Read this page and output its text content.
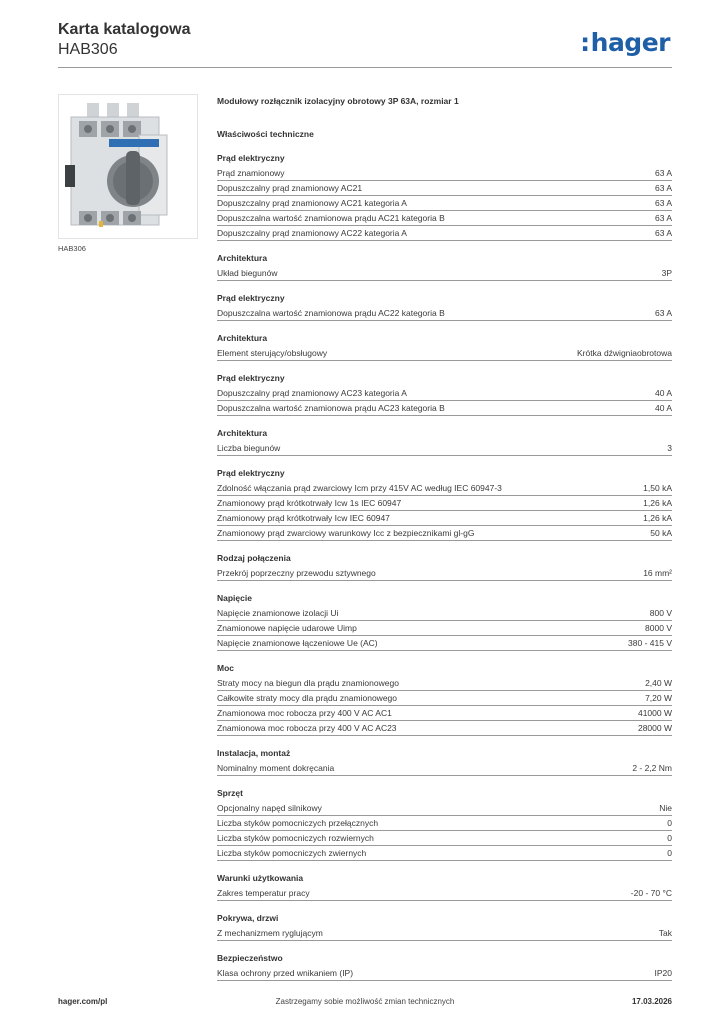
Karta katalogowa
HAB306	:hager
HAB306
Modułowy rozłącznik izolacyjny obrotowy 3P 63A, rozmiar 1
Właściwości techniczne
Prąd elektryczny
Prąd znamionowy	63 A
Dopuszczalny prąd znamionowy AC21	63 A
Dopuszczalny prąd znamionowy AC21 kategoria A	63 A
Dopuszczalna wartość znamionowa prądu AC21 kategoria B	63 A
Dopuszczalny prąd znamionowy AC22 kategoria A	63 A
Architektura
Układ biegunów	3P
Prąd elektryczny
Dopuszczalna wartość znamionowa prądu AC22 kategoria B	63 A
Architektura
Element sterujący/obsługowy	Krótka dźwigniaobrotowa
Prąd elektryczny
Dopuszczalny prąd znamionowy AC23 kategoria A	40 A
Dopuszczalna wartość znamionowa prądu AC23 kategoria B	40 A
Architektura
Liczba biegunów	3
Prąd elektryczny
Zdolność włączania prąd zwarciowy Icm przy 415V AC według IEC 60947-3	1,50 kA
Znamionowy prąd krótkotrwały Icw 1s IEC 60947	1,26 kA
Znamionowy prąd krótkotrwały Icw IEC 60947	1,26 kA
Znamionowy prąd zwarciowy warunkowy Icc z bezpiecznikami gl-gG	50 kA
Rodzaj połączenia
Przekrój poprzeczny przewodu sztywnego	16 mm²
Napięcie
Napięcie znamionowe izolacji Ui	800 V
Znamionowe napięcie udarowe Uimp	8000 V
Napięcie znamionowe łączeniowe Ue (AC)	380 - 415 V
Moc
Straty mocy na biegun dla prądu znamionowego	2,40 W
Całkowite straty mocy dla prądu znamionowego	7,20 W
Znamionowa moc robocza przy 400 V AC AC1	41000 W
Znamionowa moc robocza przy 400 V AC AC23	28000 W
Instalacja, montaż
Nominalny moment dokręcania	2 - 2,2 Nm
Sprzęt
Opcjonalny napęd silnikowy	Nie
Liczba styków pomocniczych przełącznych	0
Liczba styków pomocniczych rozwiernych	0
Liczba styków pomocniczych zwiernych	0
Warunki użytkowania
Zakres temperatur pracy	-20 - 70 °C
Pokrywa, drzwi
Z mechanizmem ryglującym	Tak
Bezpieczeństwo
Klasa ochrony przed wnikaniem (IP)	IP20
hager.com/pl	Zastrzegamy sobie możliwość zmian technicznych	17.03.2026
